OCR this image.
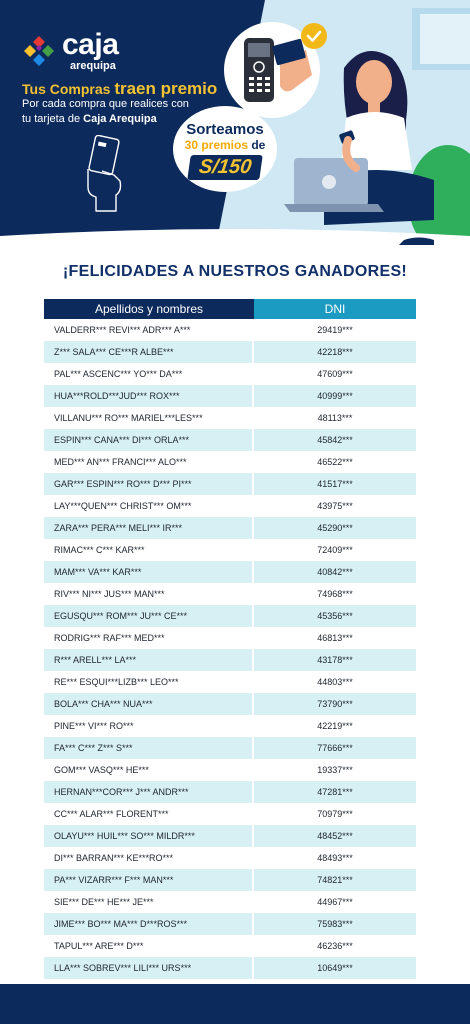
caja
arequipa
Tus Compras traen premio
Por cada compra que realices con tu tarjeta de Caja Arequipa
Sorteamos
30 premios de
S/150
¡FELICIDADES A NUESTROS GANADORES!
Apellidos y nombres	DNI
VALDERR*** REVI*** ADR*** A***	29419***
Z*** SALA*** CE***R ALBE***	42218***
PAL*** ASCENC*** YO*** DA***	47609***
HUA***ROLD***JUD*** ROX***	40999***
VILLANU*** RO*** MARIEL***LES***	48113***
ESPIN*** CANA*** DI*** ORLA***	45842***
MED*** AN*** FRANCI*** ALO***	46522***
GAR*** ESPIN*** RO*** D*** PI***	41517***
LAY***QUEN*** CHRIST*** OM***	43975***
ZARA*** PERA*** MELI*** IR***	45290***
RIMAC*** C*** KAR***	72409***
MAM*** VA*** KAR***	40842***
RIV*** NI*** JUS*** MAN***	74968***
EGUSQU*** ROM*** JU*** CE***	45356***
RODRIG*** RAF*** MED***	46813***
R*** ARELL*** LA***	43178***
RE*** ESQUI***LIZB*** LEO***	44803***
BOLA*** CHA*** NUA***	73790***
PINE*** VI*** RO***	42219***
FA*** C*** Z*** S***	77666***
GOM*** VASQ*** HE***	19337***
HERNAN***COR*** J*** ANDR***	47281***
CC*** ALAR*** FLORENT***	70979***
OLAYU*** HUIL*** SO*** MILDR***	48452***
DI*** BARRAN*** KE***RO***	48493***
PA*** VIZARR*** F*** MAN***	74821***
SIE*** DE*** HE*** JE***	44967***
JIME*** BO*** MA*** D***ROS***	75983***
TAPUL*** ARE*** D***	46236***
LLA*** SOBREV*** LILI*** URS***	10649***
